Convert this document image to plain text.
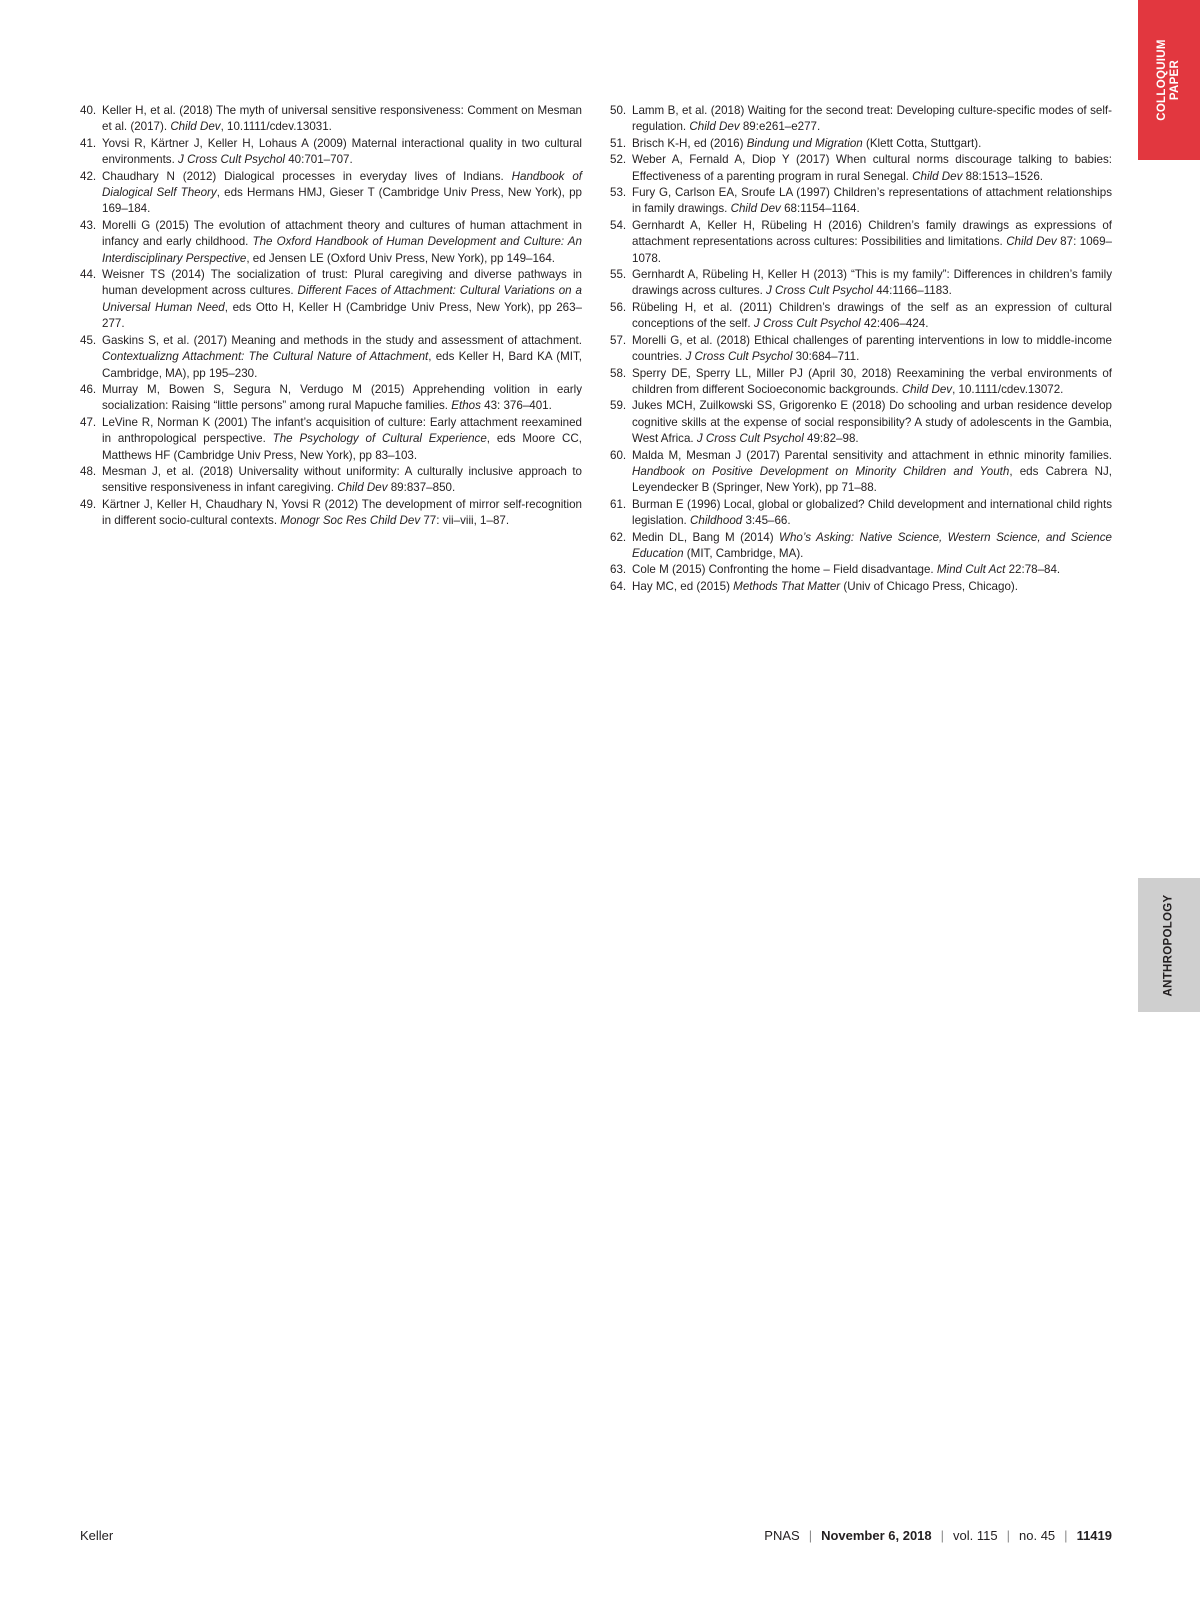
COLLOQUIUM PAPER
ANTHROPOLOGY
40. Keller H, et al. (2018) The myth of universal sensitive responsiveness: Comment on Mesman et al. (2017). Child Dev, 10.1111/cdev.13031.
41. Yovsi R, Kärtner J, Keller H, Lohaus A (2009) Maternal interactional quality in two cultural environments. J Cross Cult Psychol 40:701–707.
42. Chaudhary N (2012) Dialogical processes in everyday lives of Indians. Handbook of Dialogical Self Theory, eds Hermans HMJ, Gieser T (Cambridge Univ Press, New York), pp 169–184.
43. Morelli G (2015) The evolution of attachment theory and cultures of human attachment in infancy and early childhood. The Oxford Handbook of Human Development and Culture: An Interdisciplinary Perspective, ed Jensen LE (Oxford Univ Press, New York), pp 149–164.
44. Weisner TS (2014) The socialization of trust: Plural caregiving and diverse pathways in human development across cultures. Different Faces of Attachment: Cultural Variations on a Universal Human Need, eds Otto H, Keller H (Cambridge Univ Press, New York), pp 263–277.
45. Gaskins S, et al. (2017) Meaning and methods in the study and assessment of attachment. Contextualizng Attachment: The Cultural Nature of Attachment, eds Keller H, Bard KA (MIT, Cambridge, MA), pp 195–230.
46. Murray M, Bowen S, Segura N, Verdugo M (2015) Apprehending volition in early socialization: Raising “little persons” among rural Mapuche families. Ethos 43: 376–401.
47. LeVine R, Norman K (2001) The infant’s acquisition of culture: Early attachment reexamined in anthropological perspective. The Psychology of Cultural Experience, eds Moore CC, Matthews HF (Cambridge Univ Press, New York), pp 83–103.
48. Mesman J, et al. (2018) Universality without uniformity: A culturally inclusive approach to sensitive responsiveness in infant caregiving. Child Dev 89:837–850.
49. Kärtner J, Keller H, Chaudhary N, Yovsi R (2012) The development of mirror self-recognition in different socio-cultural contexts. Monogr Soc Res Child Dev 77: vii–viii, 1–87.
50. Lamm B, et al. (2018) Waiting for the second treat: Developing culture-specific modes of self-regulation. Child Dev 89:e261–e277.
51. Brisch K-H, ed (2016) Bindung und Migration (Klett Cotta, Stuttgart).
52. Weber A, Fernald A, Diop Y (2017) When cultural norms discourage talking to babies: Effectiveness of a parenting program in rural Senegal. Child Dev 88:1513–1526.
53. Fury G, Carlson EA, Sroufe LA (1997) Children’s representations of attachment relationships in family drawings. Child Dev 68:1154–1164.
54. Gernhardt A, Keller H, Rübeling H (2016) Children’s family drawings as expressions of attachment representations across cultures: Possibilities and limitations. Child Dev 87: 1069–1078.
55. Gernhardt A, Rübeling H, Keller H (2013) “This is my family”: Differences in children’s family drawings across cultures. J Cross Cult Psychol 44:1166–1183.
56. Rübeling H, et al. (2011) Children’s drawings of the self as an expression of cultural conceptions of the self. J Cross Cult Psychol 42:406–424.
57. Morelli G, et al. (2018) Ethical challenges of parenting interventions in low to middle-income countries. J Cross Cult Psychol 30:684–711.
58. Sperry DE, Sperry LL, Miller PJ (April 30, 2018) Reexamining the verbal environments of children from different Socioeconomic backgrounds. Child Dev, 10.1111/cdev.13072.
59. Jukes MCH, Zuilkowski SS, Grigorenko E (2018) Do schooling and urban residence develop cognitive skills at the expense of social responsibility? A study of adolescents in the Gambia, West Africa. J Cross Cult Psychol 49:82–98.
60. Malda M, Mesman J (2017) Parental sensitivity and attachment in ethnic minority families. Handbook on Positive Development on Minority Children and Youth, eds Cabrera NJ, Leyendecker B (Springer, New York), pp 71–88.
61. Burman E (1996) Local, global or globalized? Child development and international child rights legislation. Childhood 3:45–66.
62. Medin DL, Bang M (2014) Who’s Asking: Native Science, Western Science, and Science Education (MIT, Cambridge, MA).
63. Cole M (2015) Confronting the home – Field disadvantage. Mind Cult Act 22:78–84.
64. Hay MC, ed (2015) Methods That Matter (Univ of Chicago Press, Chicago).
Keller	PNAS | November 6, 2018 | vol. 115 | no. 45 | 11419
